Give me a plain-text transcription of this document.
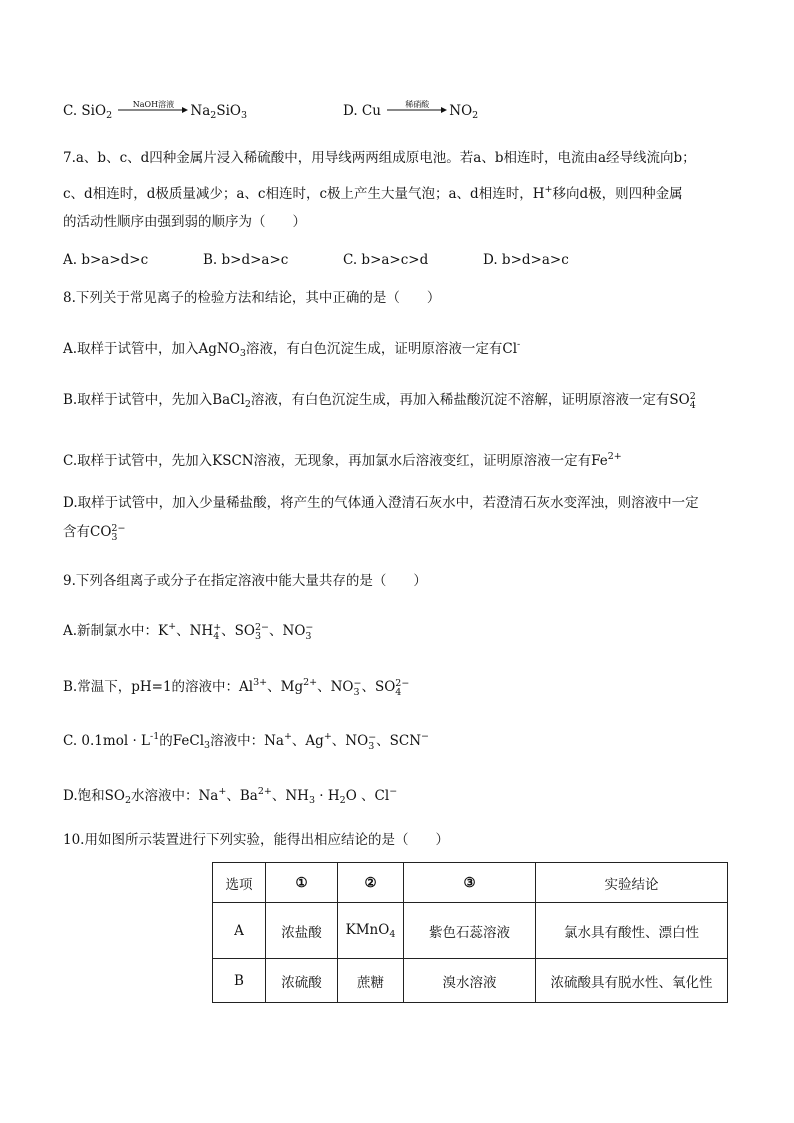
C. SiO$_2$
NaOH溶液	$Na_2SiO_3$	D. Cu	稀硝酸	$NO_2$
7.a、b、c、d四种金属片浸入稀硫酸中，用导线两两组成原电池。若a、b相连时，电流由a经导线流向b；
c、d相连时，d极质量减少；a、c相连时，c极上产生大量气泡；a、d相连时，H+移向d极，则四种金属
的活动性顺序由强到弱的顺序为（　　）
A. b>a>d>c	B. b>d>a>c	C. b>a>c>d	D. b>d>a>c
8.下列关于常见离子的检验方法和结论，其中正确的是（　　）
A.取样于试管中，加入AgNO$_3$溶液，有白色沉淀生成，证明原溶液一定有Cl-
B.取样于试管中，先加入BaCl$_2$溶液，有白色沉淀生成，再加入稀盐酸沉淀不溶解，证明原溶液一定有SO 2
4
C.取样于试管中，先加入KSCN溶液，无现象，再加氯水后溶液变红，证明原溶液一定有$Fe^{2+}$
D.取样于试管中，加入少量稀盐酸，将产生的气体通入澄清石灰水中，若澄清石灰水变浑浊，则溶液中一定
含有CO 2−
3
9.下列各组离子或分子在指定溶液中能大量共存的是（　　）
A.新制氯水中：K+、NH +
4 、SO 2−
3 、NO −
3
B.常温下，pH=1的溶液中：$Al^{3+}$、$Mg^{2+}$、NO −
3 、SO 2−
4
C. $0.1mol \cdot L^{-1}$的FeCl$_3$溶液中：Na+、Ag+、NO −
3 、SCN−
D.饱和$SO_2$水溶液中：Na+、$Ba^{2+}$、$NH_3 \cdot H_2O$ 、Cl−
10.用如图所示装置进行下列实验，能得出相应结论的是（　　）
选项	①	②	③	实验结论
A	浓盐酸	KMnO$_4$	紫色石蕊溶液	氯水具有酸性、漂白性
B	浓硫酸	蔗糖	溴水溶液	浓硫酸具有脱水性、氧化性
